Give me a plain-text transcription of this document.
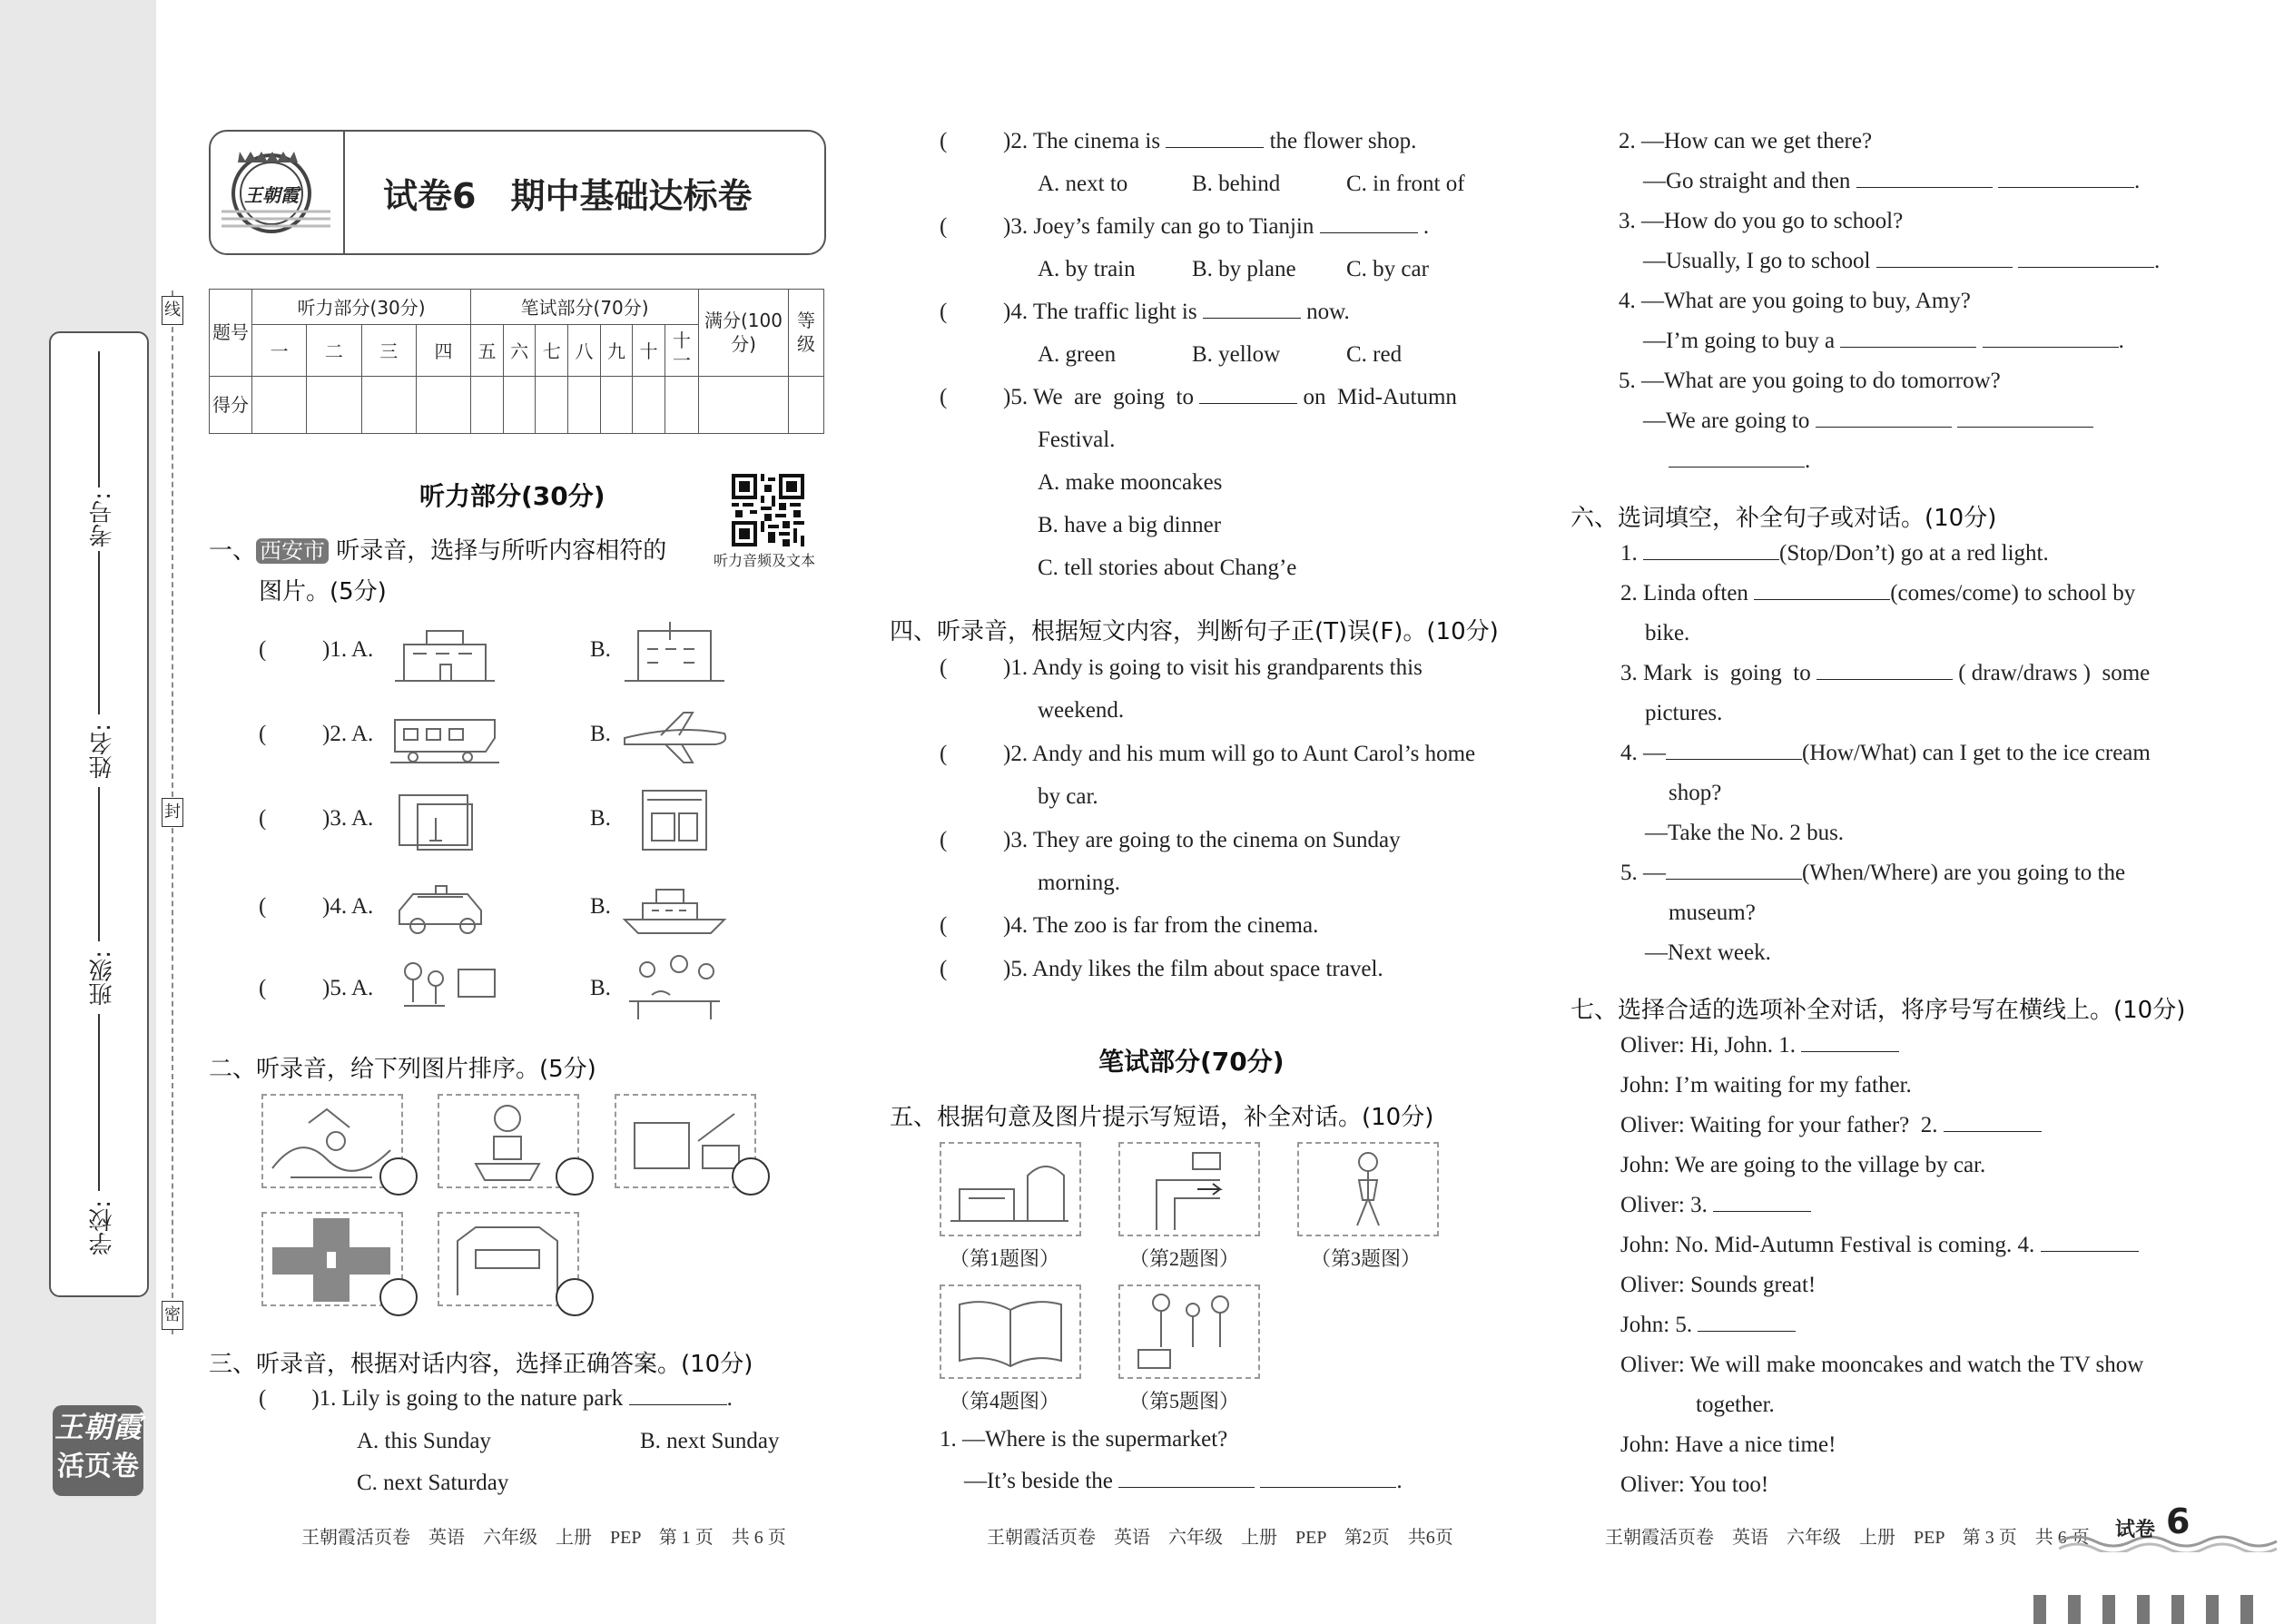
线
封
密
考号:
姓名:
班级:
学校:
王朝霞
活页卷
王朝霞 试卷6　期中基础达标卷
题号	听力部分(30分)				笔试部分(70分)							满分(100分)	等级
	一	二	三	四	五	六	七	八	九	十	十一		
得分													
听力部分(30分)
听力音频及文本
一、 西安市 听录音，选择与所听内容相符的
图片。(5分)
( )1. A.	B.
( )2. A.	B.
( )3. A.	B.
( )4. A.	B.
( )5. A.	B.
二、听录音，给下列图片排序。(5分)
三、听录音，根据对话内容，选择正确答案。(10分)
( )1. Lily is going to the nature park	.
A. this Sunday	B. next Sunday
C. next Saturday
王朝霞活页卷　英语　六年级　上册　PEP　第 1 页　共 6 页
( )2. The cinema is	the flower shop.
A. next to	B. behind	C. in front of
( )3. Joey’s family can go to Tianjin	.
A. by train B. by plane C. by car
( )4. The traffic light is	now.
A. green	B. yellow	C. red
( )5. We  are  going  to	on  Mid-Autumn
Festival.
A. make mooncakes
B. have a big dinner
C. tell stories about Chang’e
( )1. Andy is going to visit his grandparents this
weekend.
( )2. Andy and his mum will go to Aunt Carol’s home
by car.
( )3. They are going to the cinema on Sunday
morning.
( )4. The zoo is far from the cinema.
( )5. Andy likes the film about space travel.
四、听录音，根据短文内容，判断句子正(T)误(F)。(10分)
笔试部分(70分)
五、根据句意及图片提示写短语，补全对话。(10分)
（第1题图）	（第2题图）	（第3题图）
（第4题图）	（第5题图）
1. —Where is the supermarket?
—It’s beside the	.
王朝霞活页卷　英语　六年级　上册　PEP　第2页　共6页
2. —How can we get there?
—Go straight and then	.
3. —How do you go to school?
—Usually, I go to school	.
4. —What are you going to buy, Amy?
—I’m going to buy a	.
5. —What are you going to do tomorrow?
—We are going to
.
六、选词填空，补全句子或对话。(10分)
1.	(Stop/Don’t) go at a red light.
2. Linda often	(comes/come) to school by
bike.
3. Mark  is  going  to	( draw/draws )  some
pictures.
4. —	(How/What) can I get to the ice cream
shop?
—Take the No. 2 bus.
5. —	(When/Where) are you going to the
museum?
—Next week.
七、选择合适的选项补全对话，将序号写在横线上。(10分)
Oliver: Hi, John. 1.
John: I’m waiting for my father.
Oliver: Waiting for your father?  2.
John: We are going to the village by car.
Oliver: 3.
John: No. Mid-Autumn Festival is coming. 4.
Oliver: Sounds great!
John: 5.
Oliver: We will make mooncakes and watch the TV show
together.
John: Have a nice time!
Oliver: You too!
王朝霞活页卷　英语　六年级　上册　PEP　第 3 页　共 6 页 试卷 6
